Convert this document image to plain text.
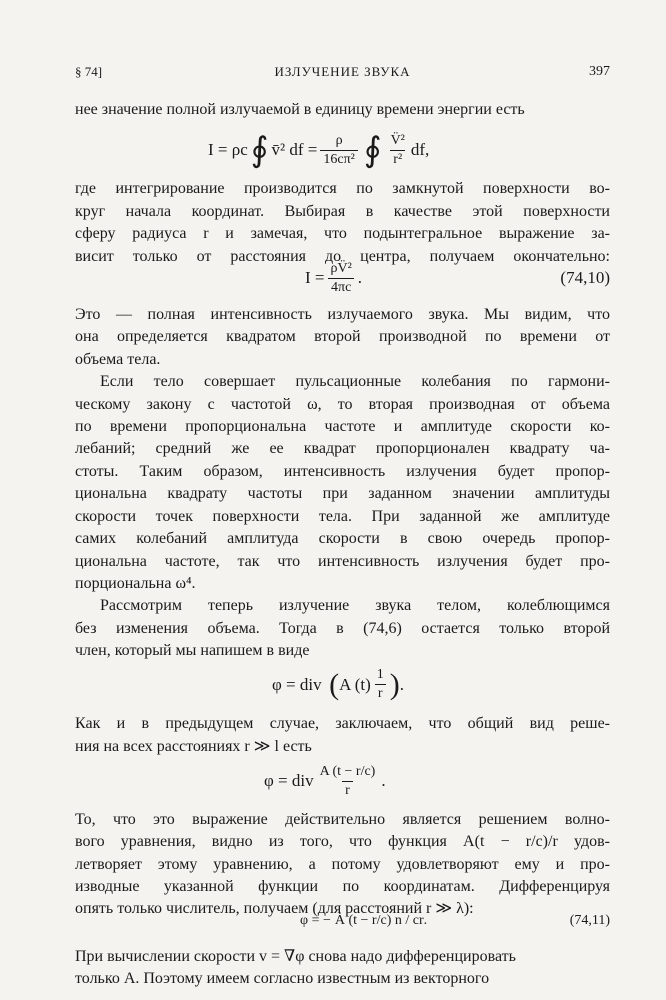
§ 74]	ИЗЛУЧЕНИЕ ЗВУКА	397
нее значение полной излучаемой в единицу времени энергии есть
I = ρc ∮ v̄² df = $\frac{\rho}{\text{16cπ²}}$ ∮ $\frac{\text{V̈²}}{\text{r²}}$ df,
где интегрирование производится по замкнутой поверхности во-
круг начала координат. Выбирая в качестве этой поверхности
сферу радиуса r и замечая, что подынтегральное выражение за-
висит только от расстояния до центра, получаем окончательно:
$I = \frac{\text{ρV̈²}}{4\pi c}$ .	(74,10)
Это — полная интенсивность излучаемого звука. Мы видим, что
она определяется квадратом второй производной по времени от
объема тела.
Если тело совершает пульсационные колебания по гармони-
ческому закону с частотой ω, то вторая производная от объема
по времени пропорциональна частоте и амплитуде скорости ко-
лебаний; средний же ее квадрат пропорционален квадрату ча-
стоты. Таким образом, интенсивность излучения будет пропор-
циональна квадрату частоты при заданном значении амплитуды
скорости точек поверхности тела. При заданной же амплитуде
самих колебаний амплитуда скорости в свою очередь пропор-
циональна частоте, так что интенсивность излучения будет про-
порциональна ω⁴.
Рассмотрим теперь излучение звука телом, колеблющимся
без изменения объема. Тогда в (74,6) остается только второй
член, который мы напишем в виде
φ = div ( A $(t) \frac{1}{r}$ ) .
Как и в предыдущем случае, заключаем, что общий вид реше-
ния на всех расстояниях r ≫ l есть
φ = div $\frac{A (t - r/c)}{r}$ .
То, что это выражение действительно является решением волно-
вого уравнения, видно из того, что функция A(t − r/c)/r удов-
летворяет этому уравнению, а потому удовлетворяют ему и про-
изводные указанной функции по координатам. Дифференцируя
опять только числитель, получаем (для расстояний r ≫ λ):
φ = − Ȧ (t − r/c) n / cr .	(74,11)
При вычислении скорости v = ∇φ снова надо дифференцировать
только A. Поэтому имеем согласно известным из векторного
